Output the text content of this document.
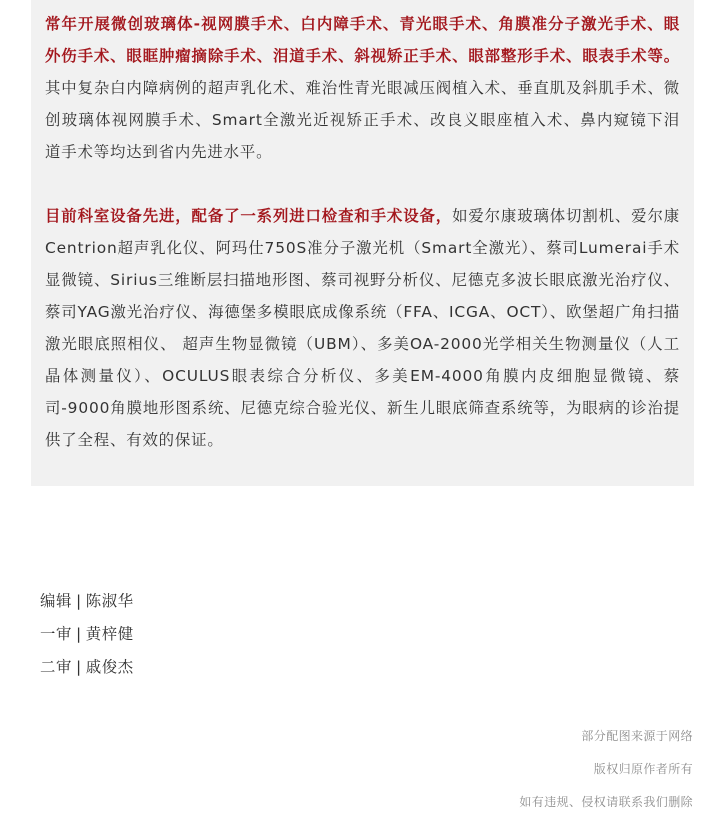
常年开展微创玻璃体-视网膜手术、白内障手术、青光眼手术、角膜准分子激光手术、眼外伤手术、眼眶肿瘤摘除手术、泪道手术、斜视矫正手术、眼部整形手术、眼表手术等。其中复杂白内障病例的超声乳化术、难治性青光眼减压阀植入术、垂直肌及斜肌手术、微创玻璃体视网膜手术、Smart全激光近视矫正手术、改良义眼座植入术、鼻内窥镜下泪道手术等均达到省内先进水平。

目前科室设备先进，配备了一系列进口检查和手术设备，如爱尔康玻璃体切割机、爱尔康Centrion超声乳化仪、阿玛仕750S准分子激光机（Smart全激光）、蔡司Lumerai手术显微镜、Sirius三维断层扫描地形图、蔡司视野分析仪、尼德克多波长眼底激光治疗仪、蔡司YAG激光治疗仪、海德堡多模眼底成像系统（FFA、ICGA、OCT）、欧堡超广角扫描激光眼底照相仪、 超声生物显微镜（UBM）、多美OA-2000光学相关生物测量仪（人工晶体测量仪）、OCULUS眼表综合分析仪、多美EM-4000角膜内皮细胞显微镜、蔡司-9000角膜地形图系统、尼德克综合验光仪、新生儿眼底筛查系统等，为眼病的诊治提供了全程、有效的保证。

编辑 | 陈淑华
一审 | 黄梓健
二审 | 戚俊杰
部分配图来源于网络
版权归原作者所有
如有违规、侵权请联系我们删除
